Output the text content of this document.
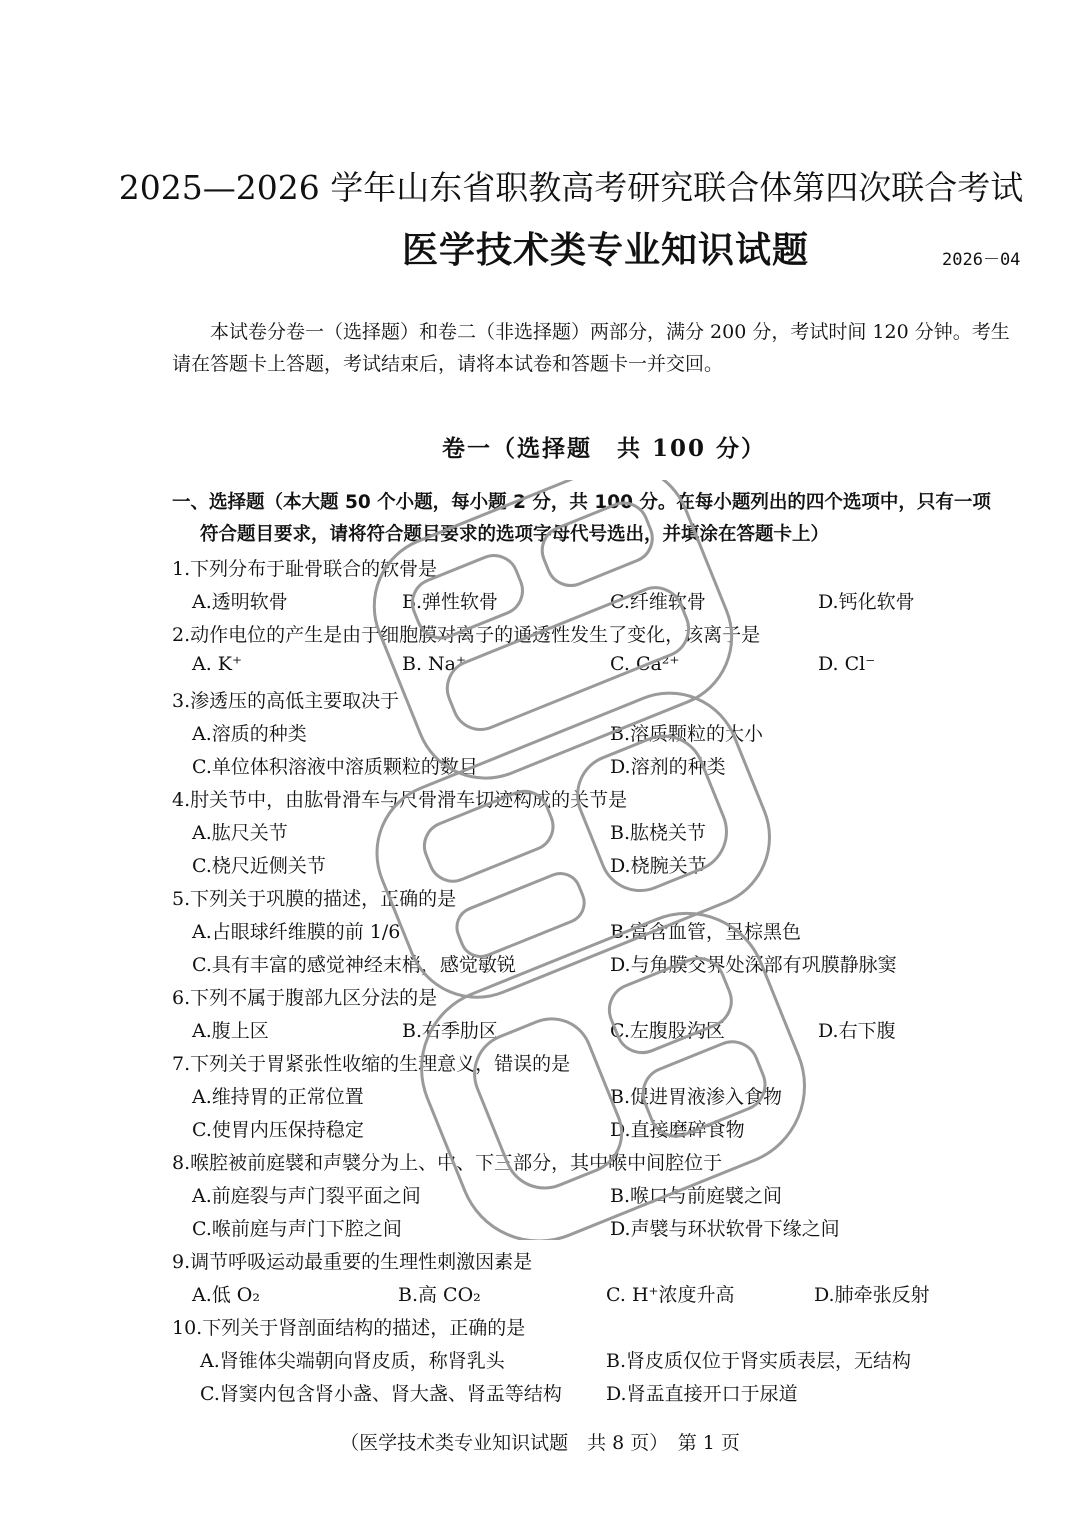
2025—2026 学年山东省职教高考研究联合体第四次联合考试
医学技术类专业知识试题	2026－04
本试卷分卷一（选择题）和卷二（非选择题）两部分，满分 200 分，考试时间 120 分钟。考生
请在答题卡上答题，考试结束后，请将本试卷和答题卡一并交回。
卷一（选择题　共 100 分）
一、选择题（本大题 50 个小题，每小题 2 分，共 100 分。在每小题列出的四个选项中，只有一项
符合题目要求，请将符合题目要求的选项字母代号选出，并填涂在答题卡上）
1.下列分布于耻骨联合的软骨是
A.透明软骨	B.弹性软骨	C.纤维软骨	D.钙化软骨
2.动作电位的产生是由于细胞膜对离子的通透性发生了变化，该离子是
A. K⁺	B. Na⁺	C. Ca²⁺	D. Cl⁻
3.渗透压的高低主要取决于
A.溶质的种类	B.溶质颗粒的大小
C.单位体积溶液中溶质颗粒的数目	D.溶剂的种类
4.肘关节中，由肱骨滑车与尺骨滑车切迹构成的关节是
A.肱尺关节	B.肱桡关节
C.桡尺近侧关节	D.桡腕关节
5.下列关于巩膜的描述，正确的是
A.占眼球纤维膜的前 1/6	B.富含血管，呈棕黑色
C.具有丰富的感觉神经末梢，感觉敏锐	D.与角膜交界处深部有巩膜静脉窦
6.下列不属于腹部九区分法的是
A.腹上区	B.右季肋区	C.左腹股沟区	D.右下腹
7.下列关于胃紧张性收缩的生理意义，错误的是
A.维持胃的正常位置	B.促进胃液渗入食物
C.使胃内压保持稳定	D.直接磨碎食物
8.喉腔被前庭襞和声襞分为上、中、下三部分，其中喉中间腔位于
A.前庭裂与声门裂平面之间	B.喉口与前庭襞之间
C.喉前庭与声门下腔之间	D.声襞与环状软骨下缘之间
9.调节呼吸运动最重要的生理性刺激因素是
A.低 O₂	B.高 CO₂	C. H⁺浓度升高	D.肺牵张反射
10.下列关于肾剖面结构的描述，正确的是
A.肾锥体尖端朝向肾皮质，称肾乳头	B.肾皮质仅位于肾实质表层，无结构
C.肾窦内包含肾小盏、肾大盏、肾盂等结构 D.肾盂直接开口于尿道
（医学技术类专业知识试题　共 8 页）　第 1 页
